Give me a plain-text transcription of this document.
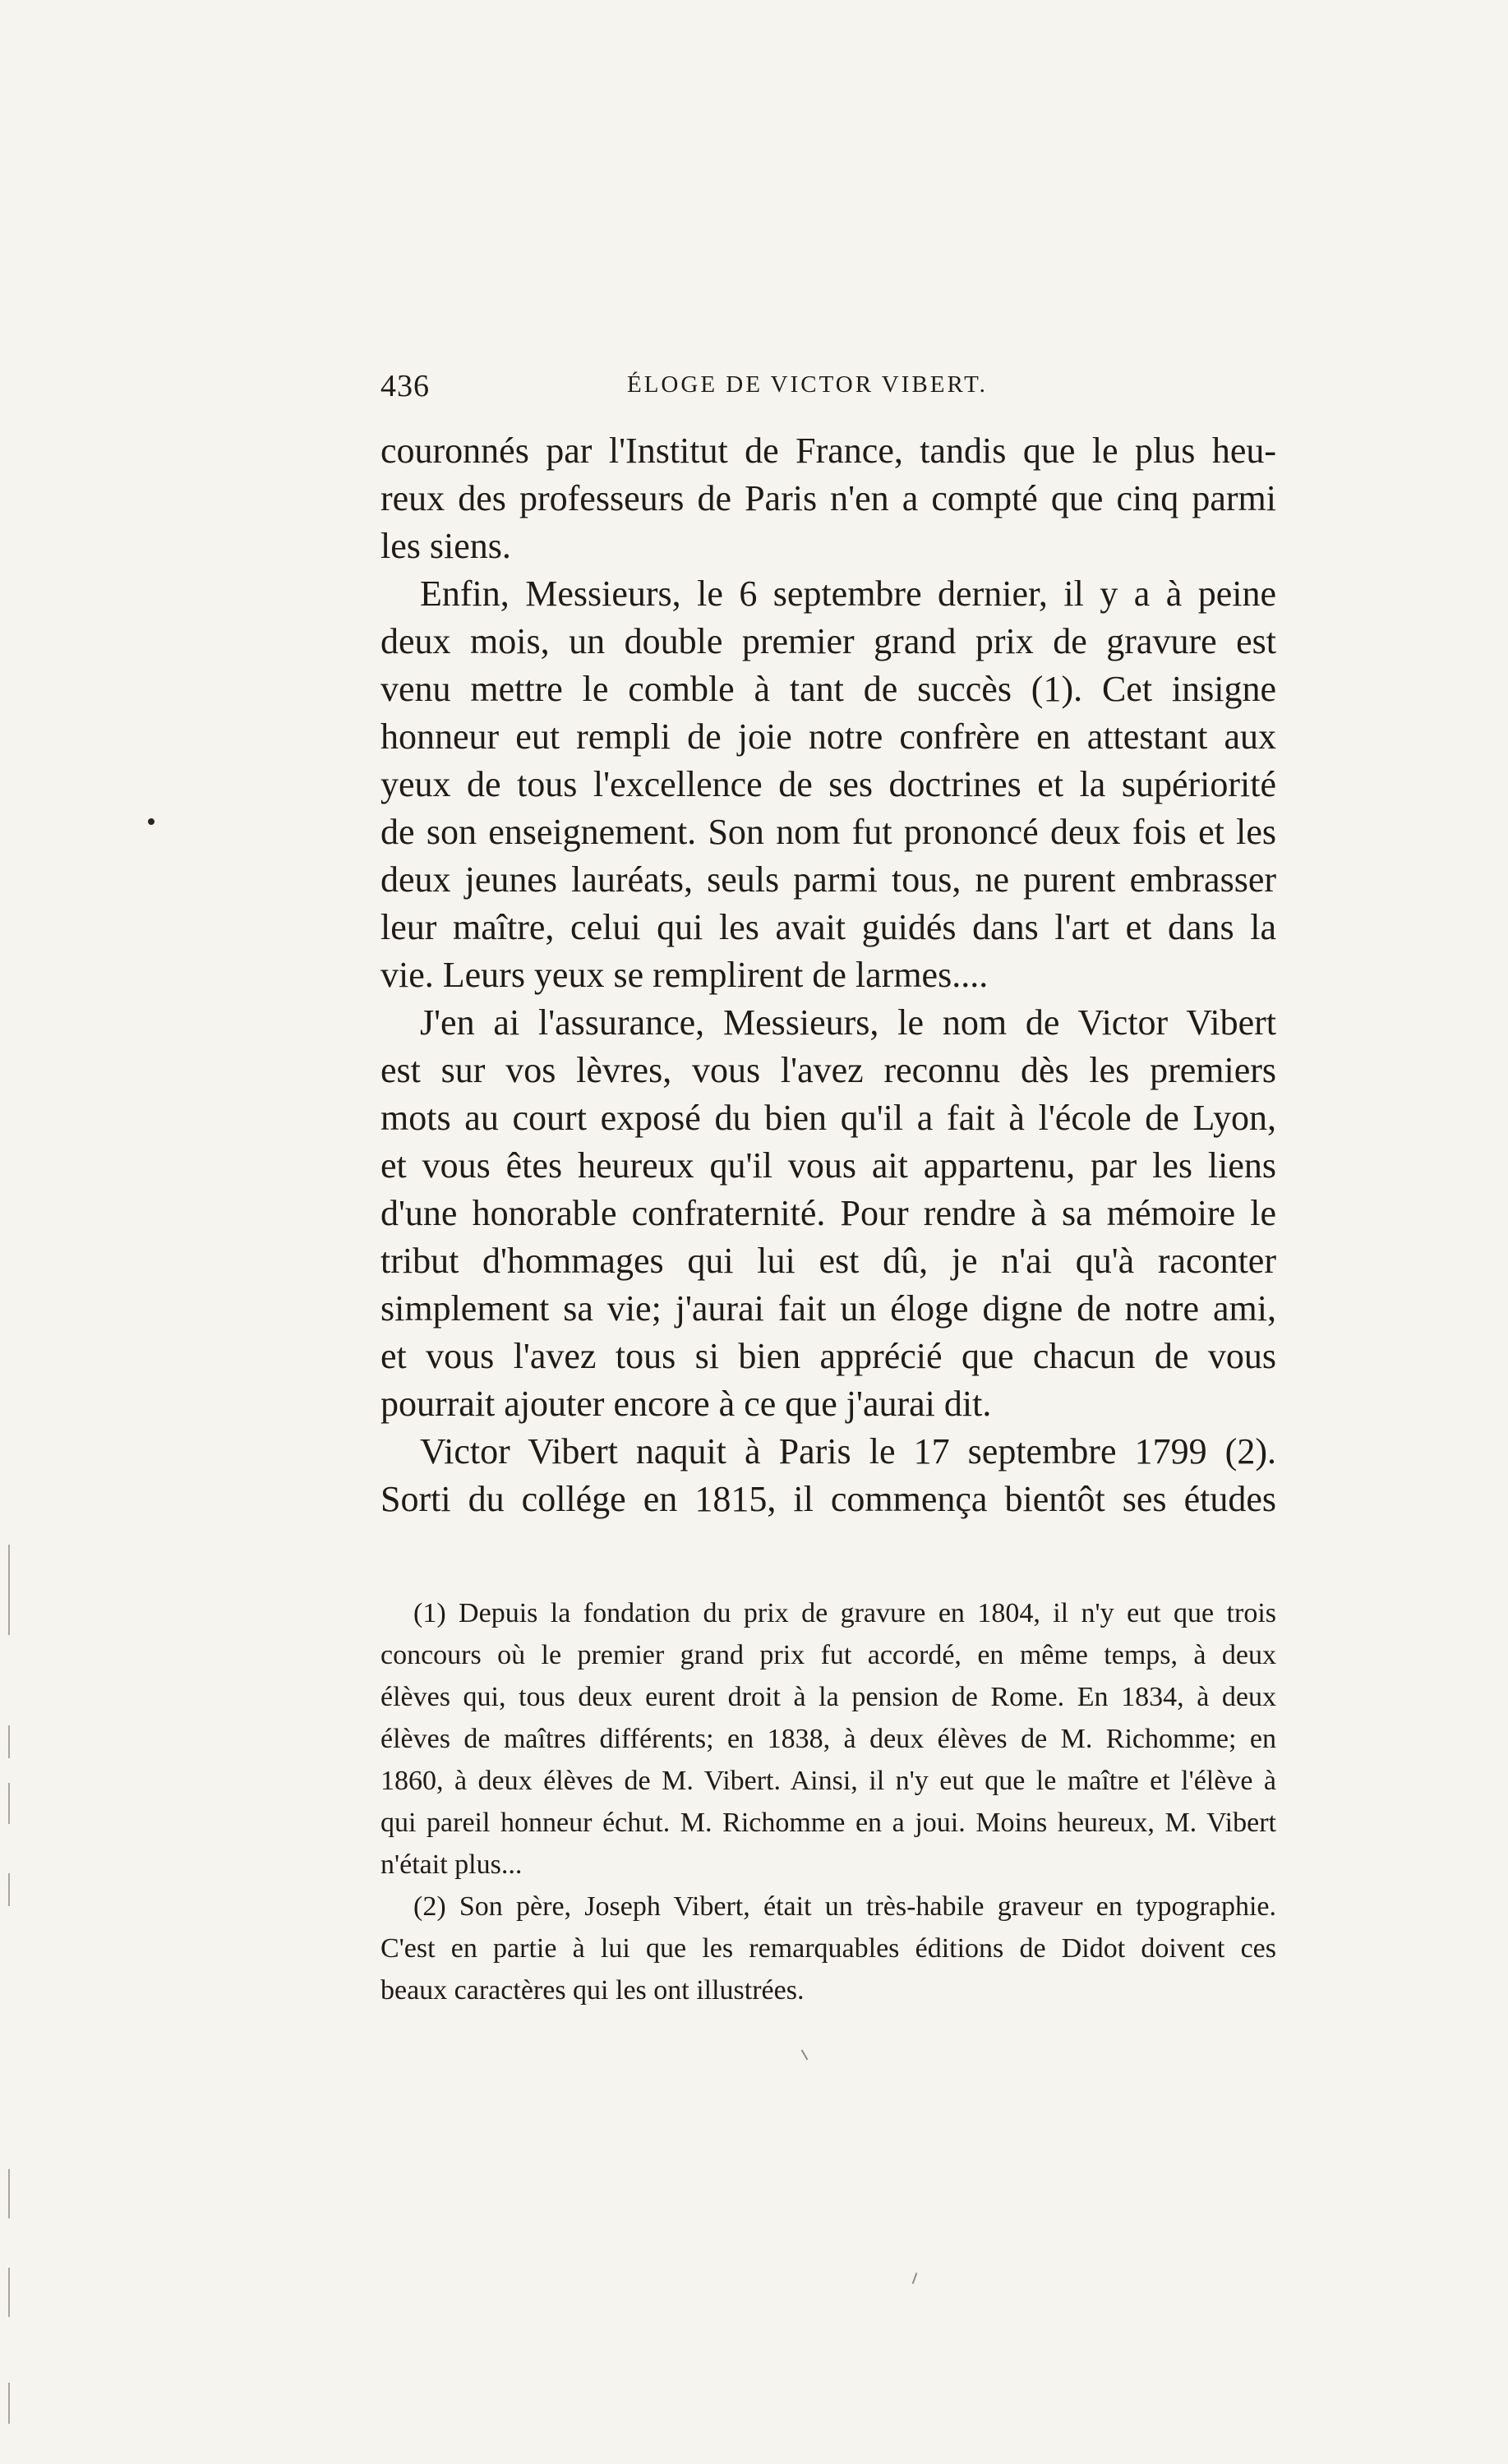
436	ÉLOGE DE VICTOR VIBERT.
couronnés par l'Institut de France, tandis que le plus heu-
reux des professeurs de Paris n'en a compté que cinq parmi
les siens.
Enfin, Messieurs, le 6 septembre dernier, il y a à peine
deux mois, un double premier grand prix de gravure est
venu mettre le comble à tant de succès (1). Cet insigne
honneur eut rempli de joie notre confrère en attestant aux
yeux de tous l'excellence de ses doctrines et la supériorité
de son enseignement. Son nom fut prononcé deux fois et les
deux jeunes lauréats, seuls parmi tous, ne purent embrasser
leur maître, celui qui les avait guidés dans l'art et dans la
vie. Leurs yeux se remplirent de larmes....
J'en ai l'assurance, Messieurs, le nom de Victor Vibert
est sur vos lèvres, vous l'avez reconnu dès les premiers
mots au court exposé du bien qu'il a fait à l'école de Lyon,
et vous êtes heureux qu'il vous ait appartenu, par les liens
d'une honorable confraternité. Pour rendre à sa mémoire le
tribut d'hommages qui lui est dû, je n'ai qu'à raconter
simplement sa vie; j'aurai fait un éloge digne de notre ami,
et vous l'avez tous si bien apprécié que chacun de vous
pourrait ajouter encore à ce que j'aurai dit.
Victor Vibert naquit à Paris le 17 septembre 1799 (2).
Sorti du collége en 1815, il commença bientôt ses études
(1) Depuis la fondation du prix de gravure en 1804, il n'y eut que trois
concours où le premier grand prix fut accordé, en même temps, à deux
élèves qui, tous deux eurent droit à la pension de Rome. En 1834, à deux
élèves de maîtres différents; en 1838, à deux élèves de M. Richomme; en
1860, à deux élèves de M. Vibert. Ainsi, il n'y eut que le maître et l'élève à
qui pareil honneur échut. M. Richomme en a joui. Moins heureux, M. Vibert
n'était plus...
(2) Son père, Joseph Vibert, était un très-habile graveur en typographie.
C'est en partie à lui que les remarquables éditions de Didot doivent ces
beaux caractères qui les ont illustrées.
